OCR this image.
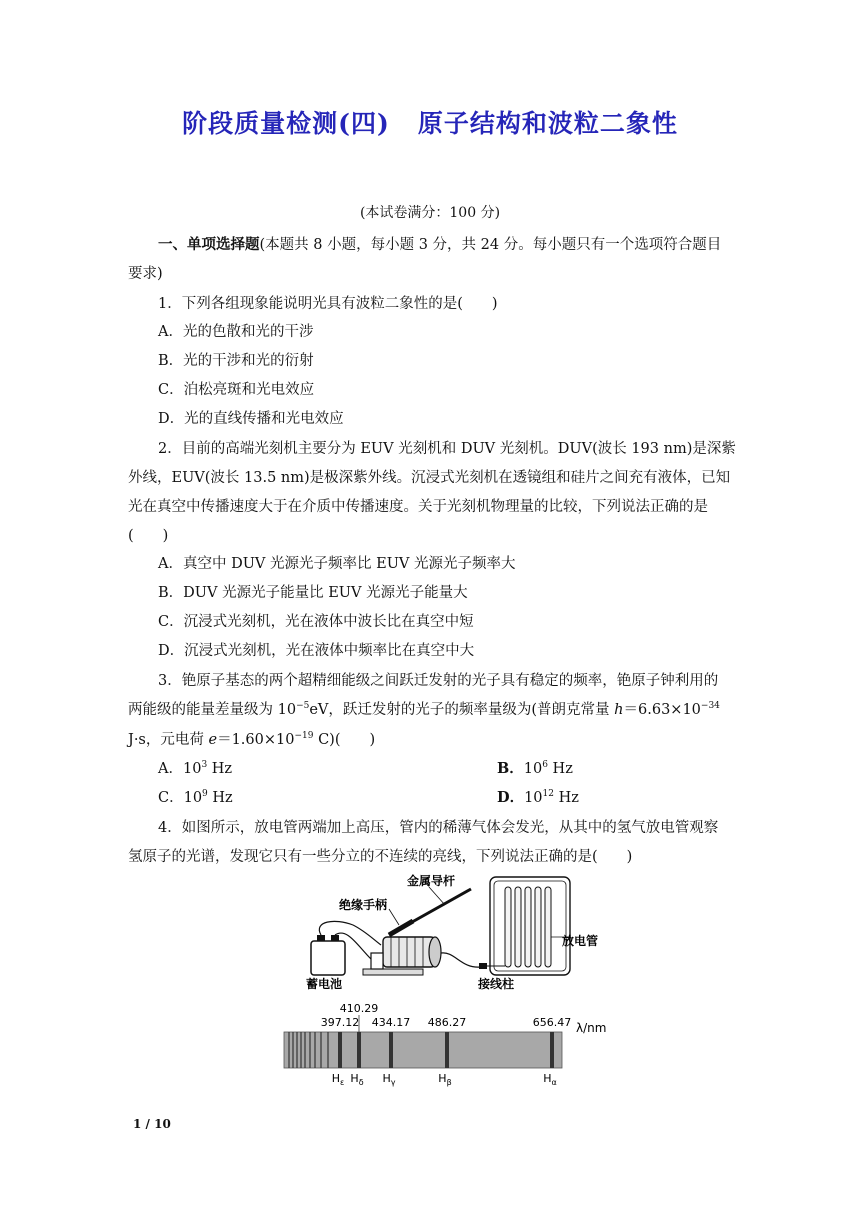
阶段质量检测(四) 原子结构和波粒二象性
(本试卷满分：100 分)
一、单项选择题(本题共 8 小题，每小题 3 分，共 24 分。每小题只有一个选项符合题目
要求)
1．下列各组现象能说明光具有波粒二象性的是(　　)
A．光的色散和光的干涉
B．光的干涉和光的衍射
C．泊松亮斑和光电效应
D．光的直线传播和光电效应
2．目前的高端光刻机主要分为 EUV 光刻机和 DUV 光刻机。DUV(波长 193 nm)是深紫
外线，EUV(波长 13.5 nm)是极深紫外线。沉浸式光刻机在透镜组和硅片之间充有液体，已知
光在真空中传播速度大于在介质中传播速度。关于光刻机物理量的比较，下列说法正确的是
(　　)
A．真空中 DUV 光源光子频率比 EUV 光源光子频率大
B．DUV 光源光子能量比 EUV 光源光子能量大
C．沉浸式光刻机，光在液体中波长比在真空中短
D．沉浸式光刻机，光在液体中频率比在真空中大
3．铯原子基态的两个超精细能级之间跃迁发射的光子具有稳定的频率，铯原子钟利用的
两能级的能量差量级为 $10^{-5}eV$，跃迁发射的光子的频率量级为(普朗克常量 $h=6.63\times 10^{-34}$
J·s，元电荷 $e=1.60\times 10^{-19}$ C)(　　)
A．$10^3$ Hz	B．$10^6$ Hz
C．$10^9$ Hz	D．$10^{12}$ Hz
4．如图所示，放电管两端加上高压，管内的稀薄气体会发光，从其中的氢气放电管观察
氢原子的光谱，发现它只有一些分立的不连续的亮线，下列说法正确的是(　　)
金属导杆
绝缘手柄
放电管
蓄电池	接线柱
397.12
$H_\varepsilon$
410.29
$H_\delta$
434.17
$H_\gamma$
486.27
$H_\beta$
656.47
$H_\alpha$
λ/nm
1 / 10
